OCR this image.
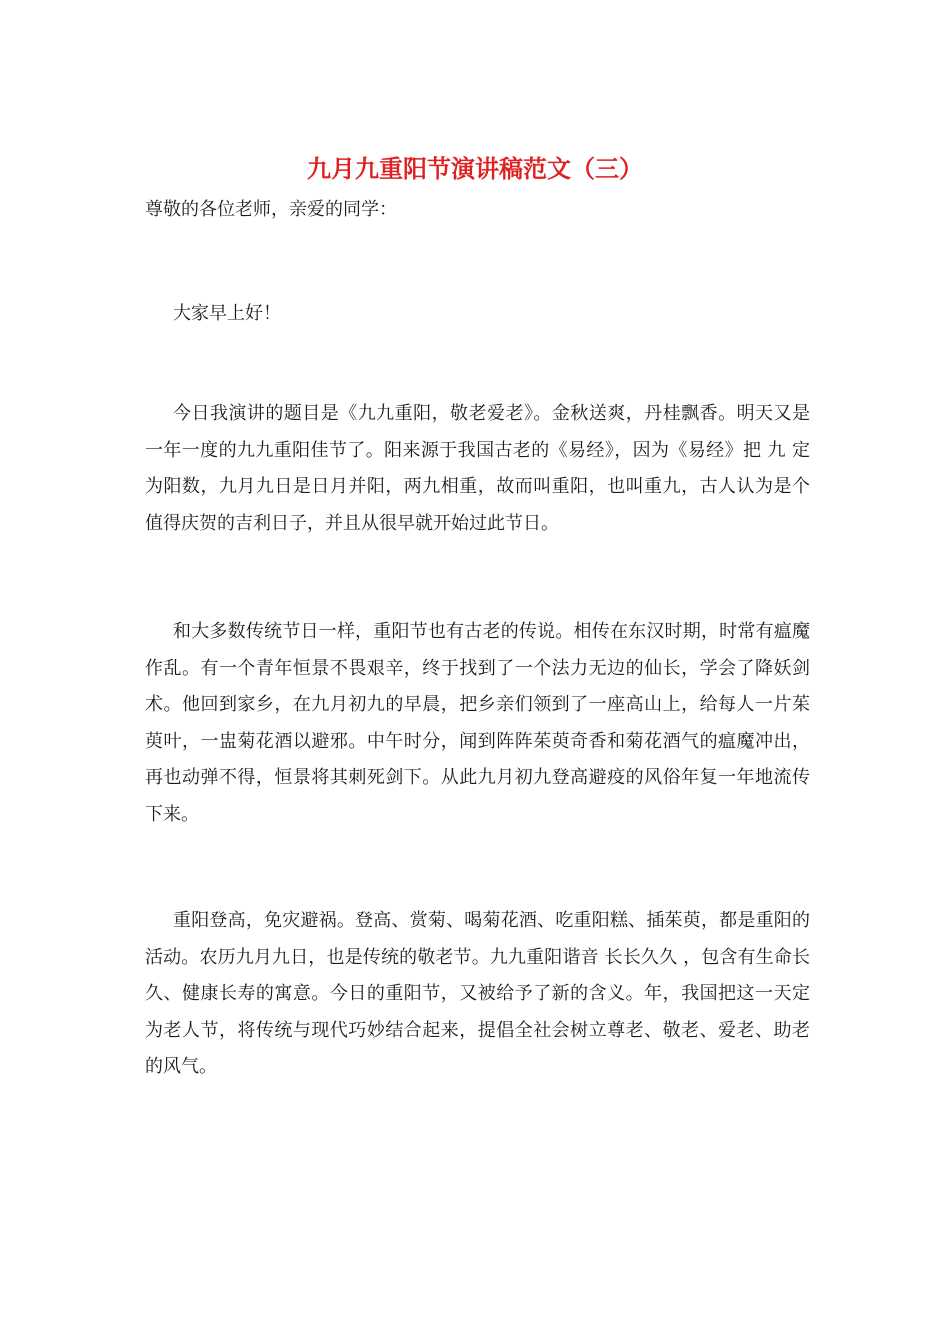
九月九重阳节演讲稿范文（三）
尊敬的各位老师，亲爱的同学：
大家早上好！
今日我演讲的题目是《九九重阳，敬老爱老》。金秋送爽，丹桂飘香。明天又是一年一度的九九重阳佳节了。阳来源于我国古老的《易经》，因为《易经》把 九 定为阳数，九月九日是日月并阳，两九相重，故而叫重阳，也叫重九，古人认为是个值得庆贺的吉利日子，并且从很早就开始过此节日。
和大多数传统节日一样，重阳节也有古老的传说。相传在东汉时期，时常有瘟魔作乱。有一个青年恒景不畏艰辛，终于找到了一个法力无边的仙长，学会了降妖剑术。他回到家乡，在九月初九的早晨，把乡亲们领到了一座高山上，给每人一片茱萸叶，一盅菊花酒以避邪。中午时分，闻到阵阵茱萸奇香和菊花酒气的瘟魔冲出，再也动弹不得，恒景将其刺死剑下。从此九月初九登高避疫的风俗年复一年地流传下来。
重阳登高，免灾避祸。登高、赏菊、喝菊花酒、吃重阳糕、插茱萸，都是重阳的活动。农历九月九日，也是传统的敬老节。九九重阳谐音 长长久久 ，包含有生命长久、健康长寿的寓意。今日的重阳节，又被给予了新的含义。年，我国把这一天定为老人节，将传统与现代巧妙结合起来，提倡全社会树立尊老、敬老、爱老、助老的风气。
